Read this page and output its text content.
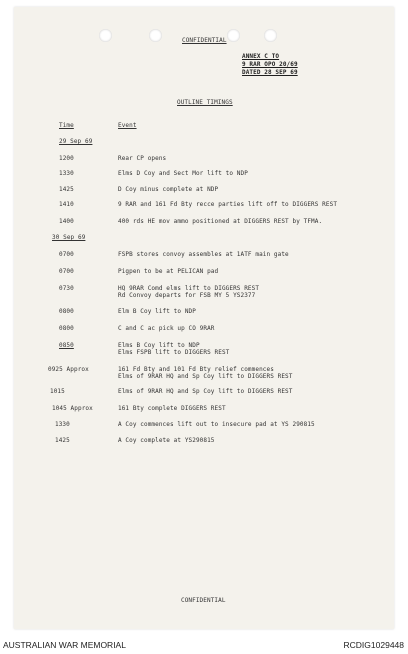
CONFIDENTIAL
ANNEX C TO
9 RAR OPO 20/69
DATED 28 SEP 69
OUTLINE TIMINGS
Time	Event
29 Sep 69
1200	Rear CP opens
1330	Elms D Coy and Sect Mor lift to NDP
1425	D Coy minus complete at NDP
1410	9 RAR and 161 Fd Bty recce parties lift off to DIGGERS REST
1400	400 rds HE mov ammo positioned at DIGGERS REST by TFMA.
30 Sep 69
0700	FSPB stores convoy assembles at 1ATF main gate
0700	Pigpen to be at PELICAN pad
0730	HQ 9RAR Comd elms lift to DIGGERS REST
Rd Convoy departs for FSB MY 5 YS2377
0800	Elm B Coy lift to NDP
0800	C and C ac pick up CO 9RAR
0850	Elms B Coy lift to NDP
Elms FSPB lift to DIGGERS REST
0925 Approx	161 Fd Bty and 101 Fd Bty relief commences
Elms of 9RAR HQ and Sp Coy lift to DIGGERS REST
1015	Elms of 9RAR HQ and Sp Coy lift to DIGGERS REST
1045 Approx	161 Bty complete DIGGERS REST
1330	A Coy commences lift out to insecure pad at YS 290815
1425	A Coy complete at YS290815
CONFIDENTIAL
AUSTRALIAN WAR MEMORIAL	RCDIG1029448
